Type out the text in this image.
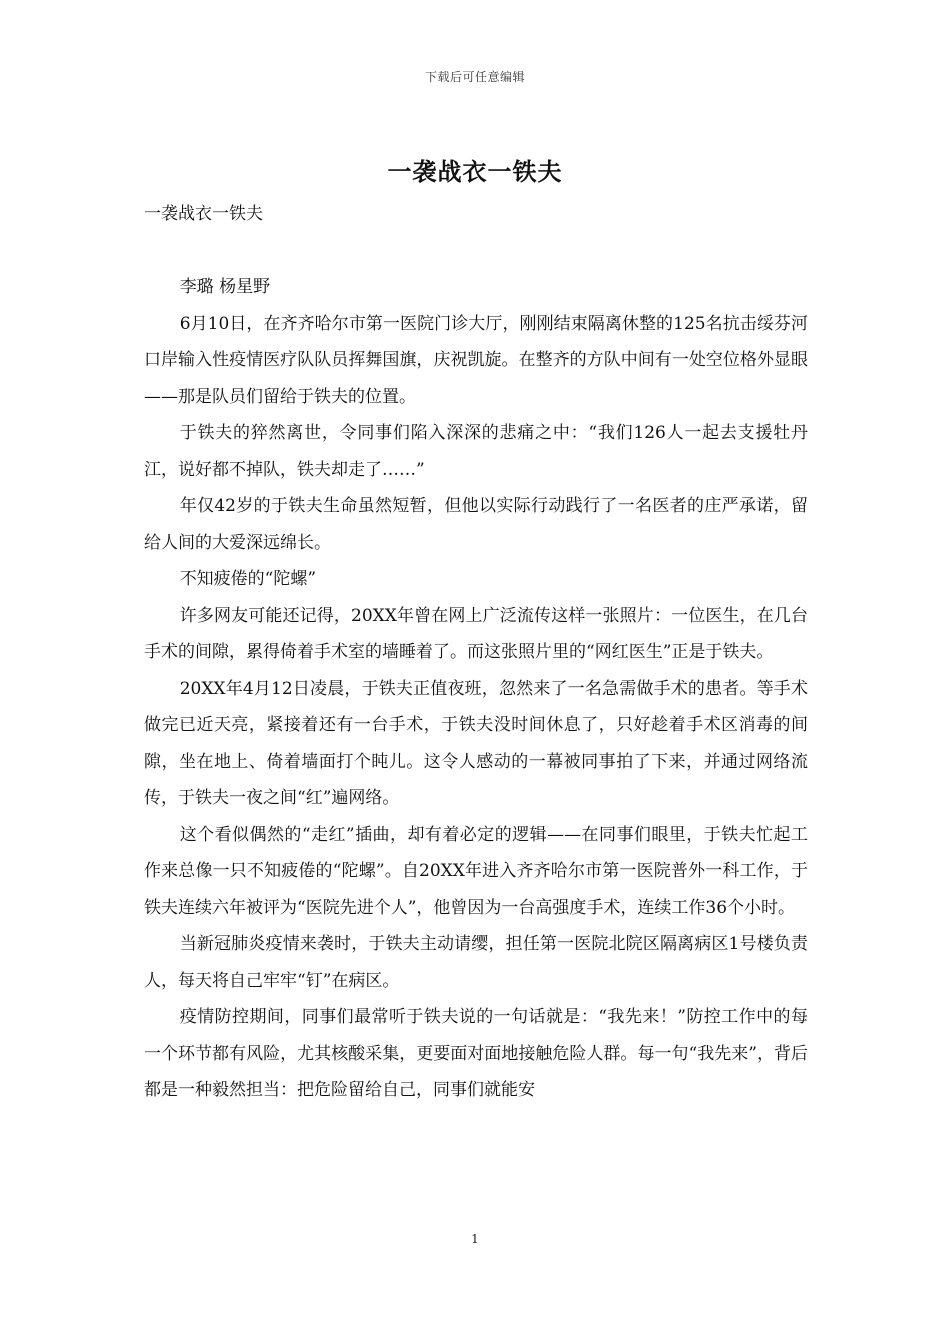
下载后可任意编辑
一袭战衣一铁夫

一袭战衣一铁夫

李璐 杨星野

6月10日，在齐齐哈尔市第一医院门诊大厅，刚刚结束隔离休整的125名抗击绥芬河口岸输入性疫情医疗队队员挥舞国旗，庆祝凯旋。在整齐的方队中间有一处空位格外显眼——那是队员们留给于铁夫的位置。

于铁夫的猝然离世，令同事们陷入深深的悲痛之中：“我们126人一起去支援牡丹江，说好都不掉队，铁夫却走了……”

年仅42岁的于铁夫生命虽然短暂，但他以实际行动践行了一名医者的庄严承诺，留给人间的大爱深远绵长。

不知疲倦的“陀螺”

许多网友可能还记得，20XX年曾在网上广泛流传这样一张照片：一位医生，在几台手术的间隙，累得倚着手术室的墙睡着了。而这张照片里的“网红医生”正是于铁夫。

20XX年4月12日凌晨，于铁夫正值夜班，忽然来了一名急需做手术的患者。等手术做完已近天亮，紧接着还有一台手术，于铁夫没时间休息了，只好趁着手术区消毒的间隙，坐在地上、倚着墙面打个盹儿。这令人感动的一幕被同事拍了下来，并通过网络流传，于铁夫一夜之间“红”遍网络。

这个看似偶然的“走红”插曲，却有着必定的逻辑——在同事们眼里，于铁夫忙起工作来总像一只不知疲倦的“陀螺”。自20XX年进入齐齐哈尔市第一医院普外一科工作，于铁夫连续六年被评为“医院先进个人”，他曾因为一台高强度手术，连续工作36个小时。

当新冠肺炎疫情来袭时，于铁夫主动请缨，担任第一医院北院区隔离病区1号楼负责人，每天将自己牢牢“钉”在病区。

疫情防控期间，同事们最常听于铁夫说的一句话就是：“我先来！”防控工作中的每一个环节都有风险，尤其核酸采集，更要面对面地接触危险人群。每一句“我先来”，背后都是一种毅然担当：把危险留给自己，同事们就能安

1
